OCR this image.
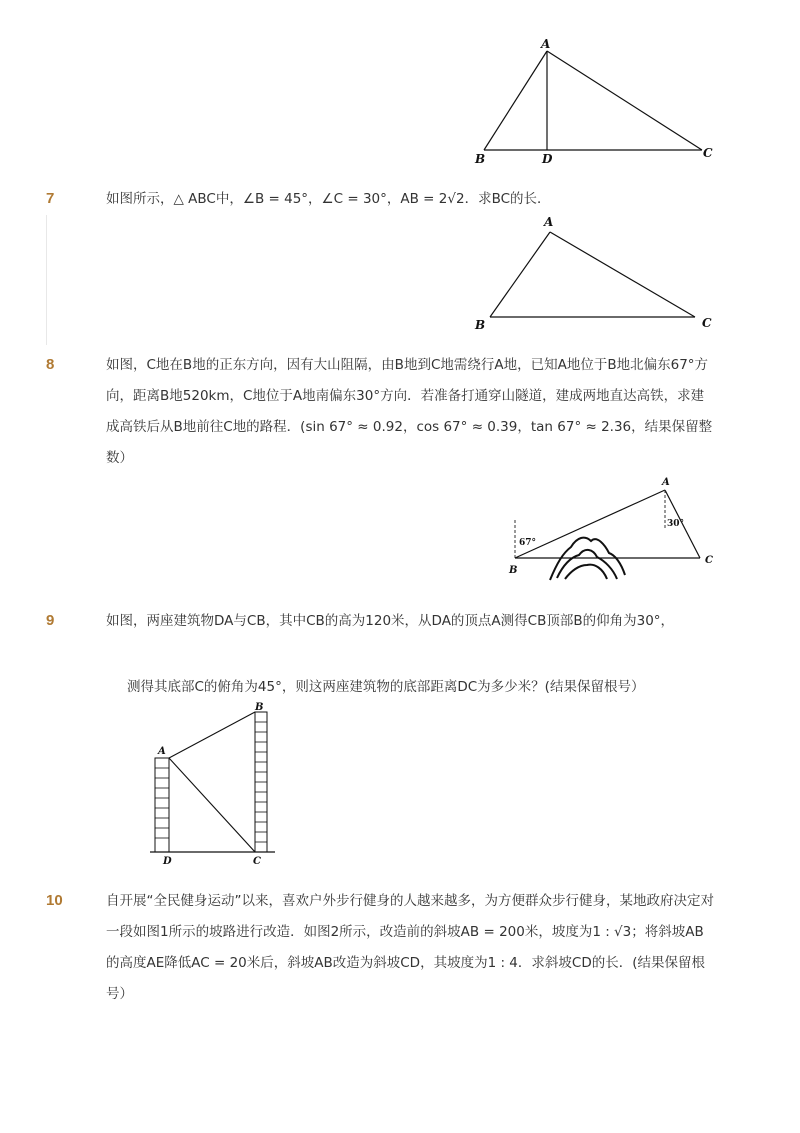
A
B	D	C
7	如图所示，△ ABC中，∠B = 45°，∠C = 30°，AB = 2√2．求BC的长．
A
B	C
8	如图，C地在B地的正东方向，因有大山阻隔，由B地到C地需绕行A地，已知A地位于B地北偏东67°方向，距离B地520km，C地位于A地南偏东30°方向．若准备打通穿山隧道，建成两地直达高铁，求建成高铁后从B地前往C地的路程．(sin 67° ≈ 0.92，cos 67° ≈ 0.39，tan 67° ≈ 2.36，结果保留整数）
67°
30°
A
B
C
9	如图，两座建筑物DA与CB，其中CB的高为120米，从DA的顶点A测得CB顶部B的仰角为30°，
测得其底部C的俯角为45°，则这两座建筑物的底部距离DC为多少米？(结果保留根号）
A
B
D	C
10	自开展“全民健身运动”以来，喜欢户外步行健身的人越来越多，为方便群众步行健身，某地政府决定对一段如图1所示的坡路进行改造．如图2所示，改造前的斜坡AB = 200米，坡度为1 : √3；将斜坡AB的高度AE降低AC = 20米后，斜坡AB改造为斜坡CD，其坡度为1 : 4．求斜坡CD的长．(结果保留根号）
